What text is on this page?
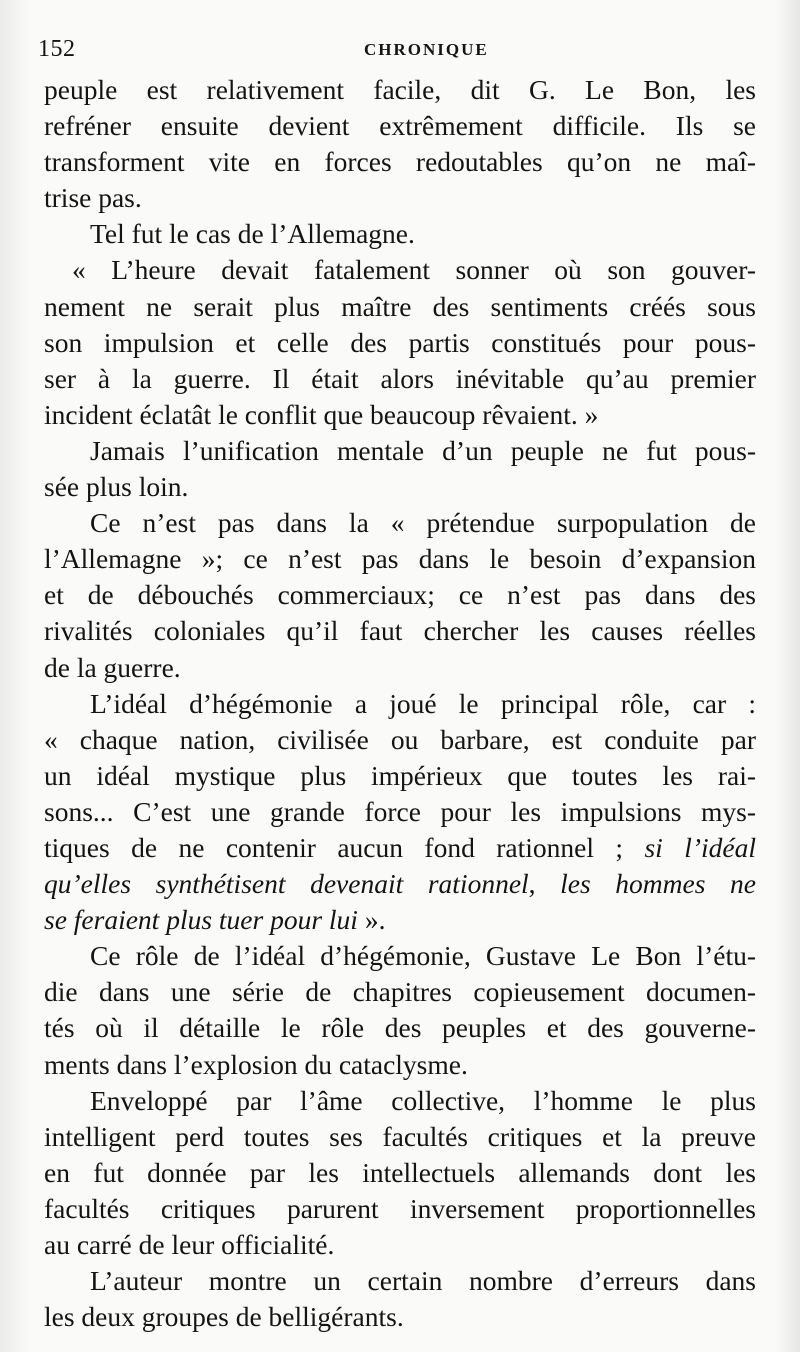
152	CHRONIQUE
peuple est relativement facile, dit G. Le Bon, les
refréner ensuite devient extrêmement difficile. Ils se
transforment vite en forces redoutables qu’on ne maî-
trise pas.
Tel fut le cas de l’Allemagne.
« L’heure devait fatalement sonner où son gouver-
nement ne serait plus maître des sentiments créés sous
son impulsion et celle des partis constitués pour pous-
ser à la guerre. Il était alors inévitable qu’au premier
incident éclatât le conflit que beaucoup rêvaient. »
Jamais l’unification mentale d’un peuple ne fut pous-
sée plus loin.
Ce n’est pas dans la « prétendue surpopulation de
l’Allemagne »; ce n’est pas dans le besoin d’expansion
et de débouchés commerciaux; ce n’est pas dans des
rivalités coloniales qu’il faut chercher les causes réelles
de la guerre.
L’idéal d’hégémonie a joué le principal rôle, car :
« chaque nation, civilisée ou barbare, est conduite par
un idéal mystique plus impérieux que toutes les rai-
sons... C’est une grande force pour les impulsions mys-
tiques de ne contenir aucun fond rationnel ; si l’idéal
qu’elles synthétisent devenait rationnel, les hommes ne
se feraient plus tuer pour lui ».
Ce rôle de l’idéal d’hégémonie, Gustave Le Bon l’étu-
die dans une série de chapitres copieusement documen-
tés où il détaille le rôle des peuples et des gouverne-
ments dans l’explosion du cataclysme.
Enveloppé par l’âme collective, l’homme le plus
intelligent perd toutes ses facultés critiques et la preuve
en fut donnée par les intellectuels allemands dont les
facultés critiques parurent inversement proportionnelles
au carré de leur officialité.
L’auteur montre un certain nombre d’erreurs dans
les deux groupes de belligérants.
